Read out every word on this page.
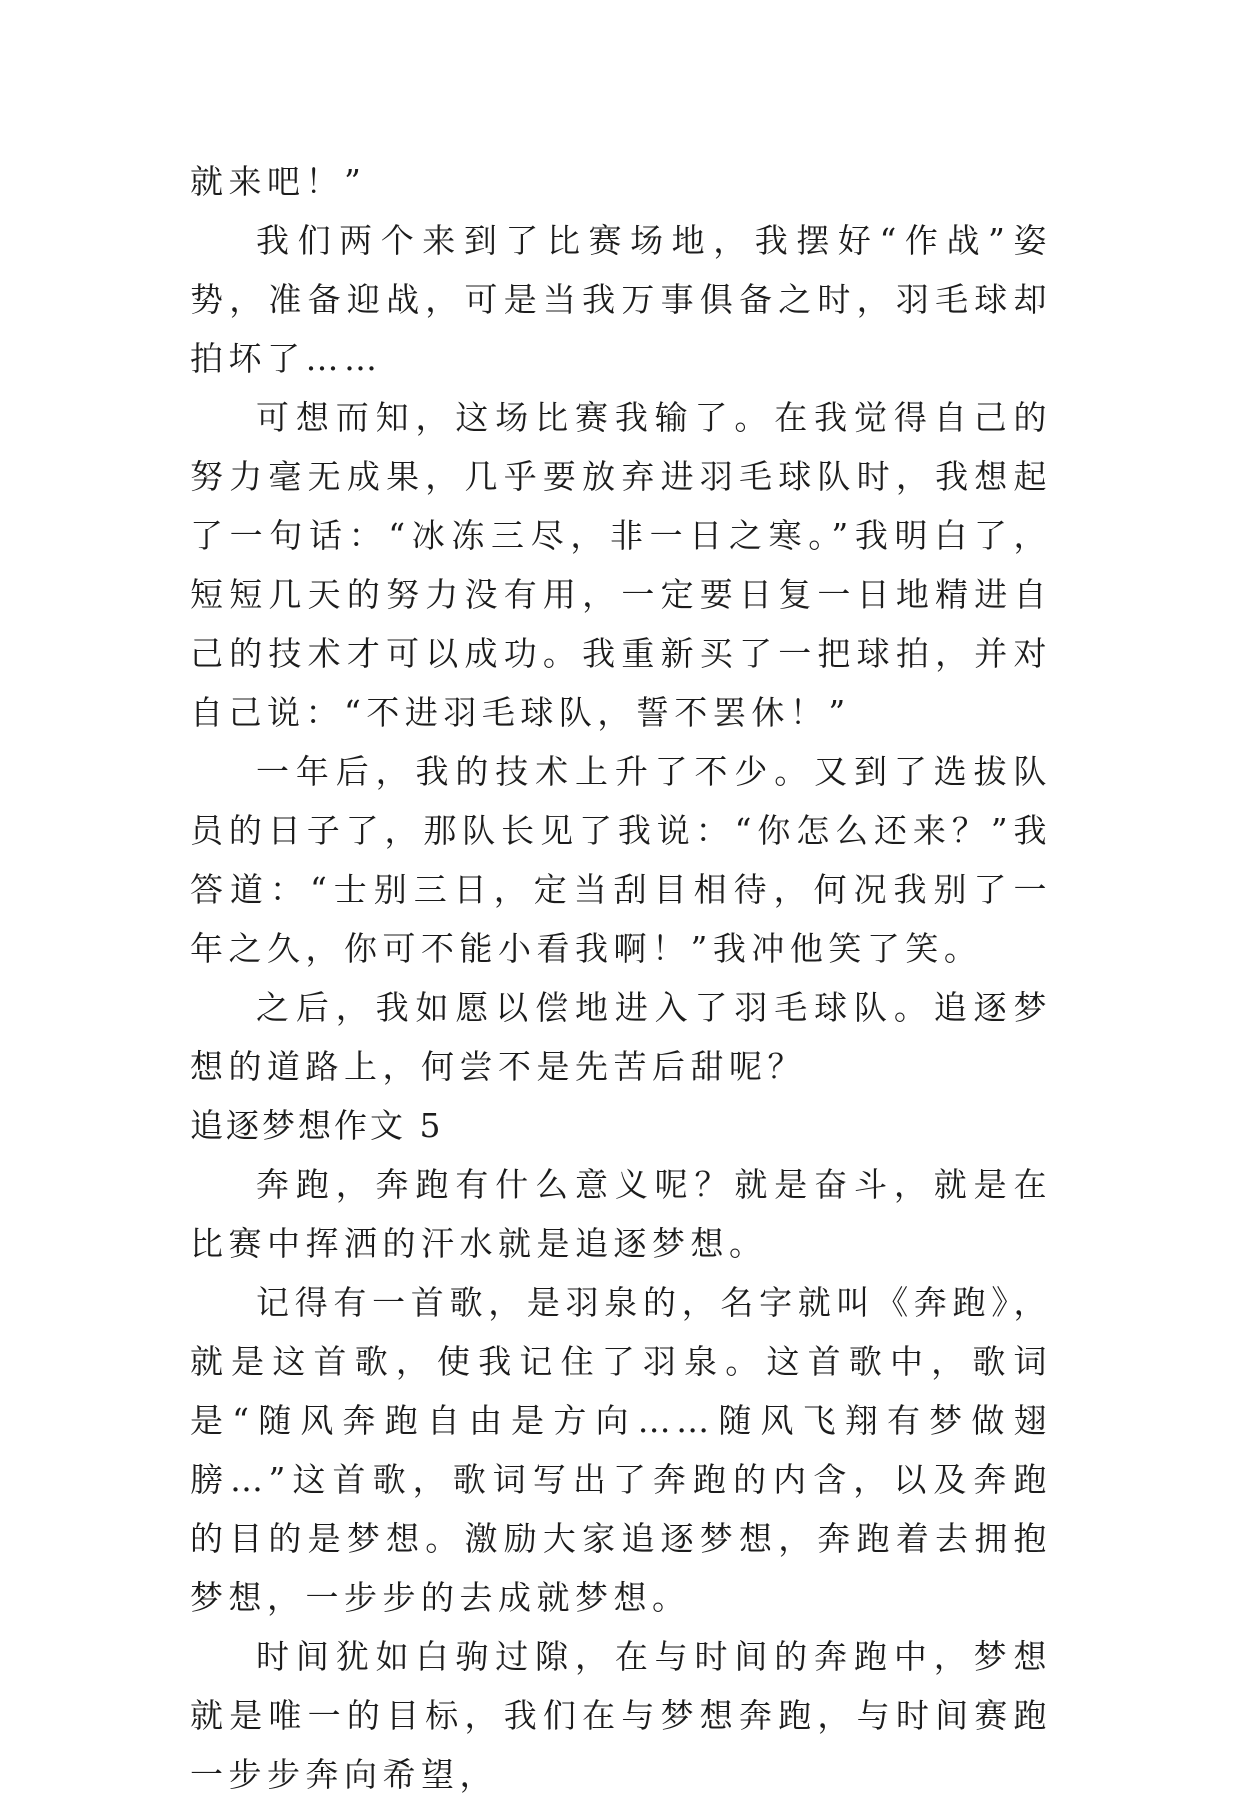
就来吧！”

我们两个来到了比赛场地，我摆好“作战”姿势，准备迎战，可是当我万事俱备之时，羽毛球却拍坏了……

可想而知，这场比赛我输了。在我觉得自己的努力毫无成果，几乎要放弃进羽毛球队时，我想起了一句话：“冰冻三尽，非一日之寒。”我明白了，短短几天的努力没有用，一定要日复一日地精进自己的技术才可以成功。我重新买了一把球拍，并对自己说：“不进羽毛球队，誓不罢休！”

一年后，我的技术上升了不少。又到了选拔队员的日子了，那队长见了我说：“你怎么还来？”我答道：“士别三日，定当刮目相待，何况我别了一年之久，你可不能小看我啊！”我冲他笑了笑。

之后，我如愿以偿地进入了羽毛球队。追逐梦想的道路上，何尝不是先苦后甜呢？

追逐梦想作文 5

奔跑，奔跑有什么意义呢？就是奋斗，就是在比赛中挥洒的汗水就是追逐梦想。

记得有一首歌，是羽泉的，名字就叫《奔跑》，就是这首歌，使我记住了羽泉。这首歌中，歌词是“随风奔跑自由是方向……随风飞翔有梦做翅膀…”这首歌，歌词写出了奔跑的内含，以及奔跑的目的是梦想。激励大家追逐梦想，奔跑着去拥抱梦想，一步步的去成就梦想。

时间犹如白驹过隙，在与时间的奔跑中，梦想就是唯一的目标，我们在与梦想奔跑，与时间赛跑一步步奔向希望，
